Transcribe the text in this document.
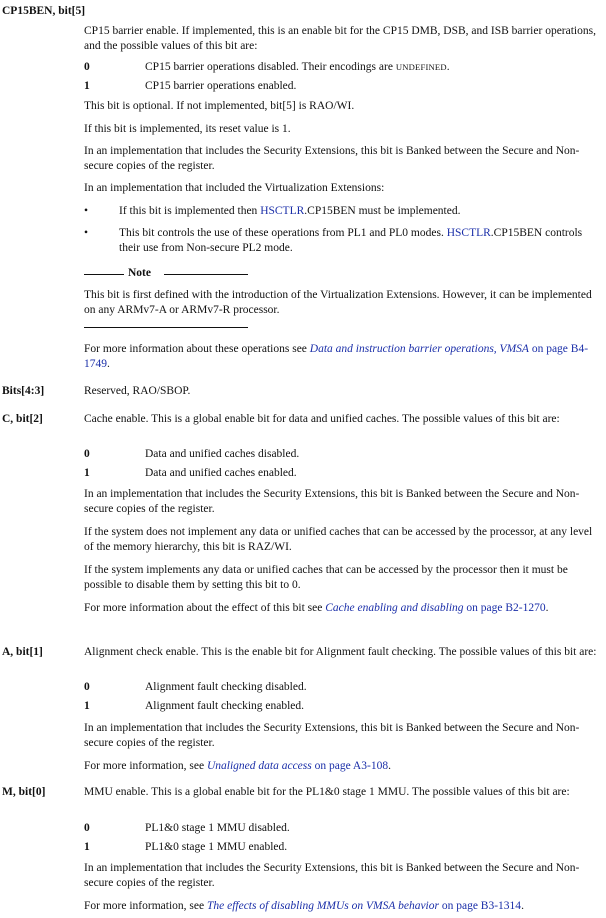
CP15BEN, bit[5]

CP15 barrier enable. If implemented, this is an enable bit for the CP15 DMB, DSB, and ISB barrier operations, and the possible values of this bit are:

0	CP15 barrier operations disabled. Their encodings are UNDEFINED.
1	CP15 barrier operations enabled.

This bit is optional. If not implemented, bit[5] is RAO/WI.

If this bit is implemented, its reset value is 1.

In an implementation that includes the Security Extensions, this bit is Banked between the Secure and Non-secure copies of the register.

In an implementation that included the Virtualization Extensions:

•	If this bit is implemented then HSCTLR.CP15BEN must be implemented.
•	This bit controls the use of these operations from PL1 and PL0 modes. HSCTLR.CP15BEN controls their use from Non-secure PL2 mode.
Note

This bit is first defined with the introduction of the Virtualization Extensions. However, it can be implemented on any ARMv7-A or ARMv7-R processor.

For more information about these operations see Data and instruction barrier operations, VMSA on page B4-1749.

Bits[4:3]	Reserved, RAO/SBOP.

C, bit[2]	Cache enable. This is a global enable bit for data and unified caches. The possible values of this bit are:

0	Data and unified caches disabled.
1	Data and unified caches enabled.

In an implementation that includes the Security Extensions, this bit is Banked between the Secure and Non-secure copies of the register.

If the system does not implement any data or unified caches that can be accessed by the processor, at any level of the memory hierarchy, this bit is RAZ/WI.

If the system implements any data or unified caches that can be accessed by the processor then it must be possible to disable them by setting this bit to 0.

For more information about the effect of this bit see Cache enabling and disabling on page B2-1270.

A, bit[1]	Alignment check enable. This is the enable bit for Alignment fault checking. The possible values of this bit are:

0	Alignment fault checking disabled.
1	Alignment fault checking enabled.

In an implementation that includes the Security Extensions, this bit is Banked between the Secure and Non-secure copies of the register.

For more information, see Unaligned data access on page A3-108.

M, bit[0]	MMU enable. This is a global enable bit for the PL1&0 stage 1 MMU. The possible values of this bit are:

0	PL1&0 stage 1 MMU disabled.
1	PL1&0 stage 1 MMU enabled.

In an implementation that includes the Security Extensions, this bit is Banked between the Secure and Non-secure copies of the register.

For more information, see The effects of disabling MMUs on VMSA behavior on page B3-1314.
